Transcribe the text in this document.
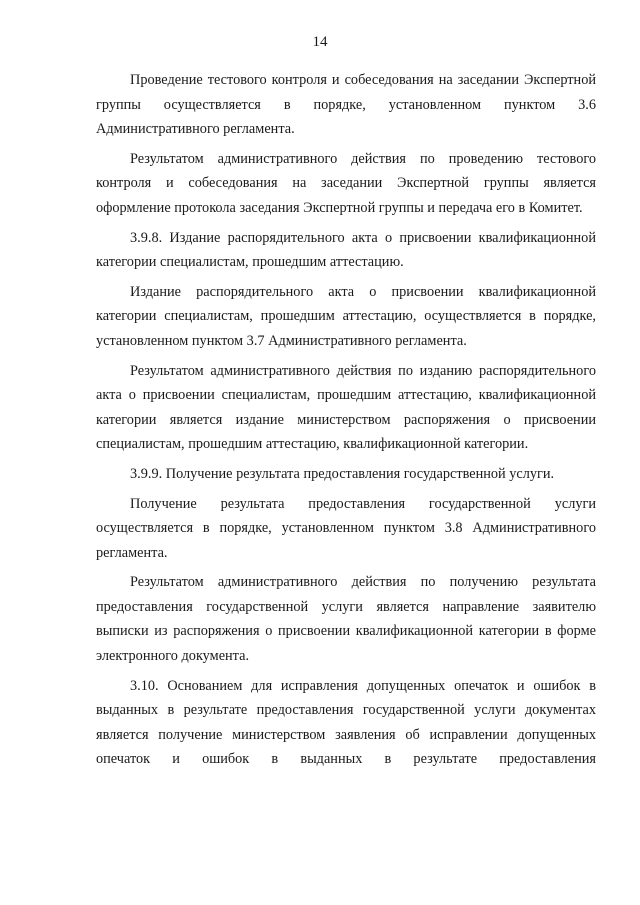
14

Проведение тестового контроля и собеседования на заседании Экспертной группы осуществляется в порядке, установленном пунктом 3.6 Административного регламента.

Результатом административного действия по проведению тестового контроля и собеседования на заседании Экспертной группы является оформление протокола заседания Экспертной группы и передача его в Комитет.

3.9.8. Издание распорядительного акта о присвоении квалификационной категории специалистам, прошедшим аттестацию.

Издание распорядительного акта о присвоении квалификационной категории специалистам, прошедшим аттестацию, осуществляется в порядке, установленном пунктом 3.7 Административного регламента.

Результатом административного действия по изданию распорядительного акта о присвоении специалистам, прошедшим аттестацию, квалификационной категории является издание министерством распоряжения о присвоении специалистам, прошедшим аттестацию, квалификационной категории.

3.9.9. Получение результата предоставления государственной услуги.

Получение результата предоставления государственной услуги осуществляется в порядке, установленном пунктом 3.8 Административного регламента.

Результатом административного действия по получению результата предоставления государственной услуги является направление заявителю выписки из распоряжения о присвоении квалификационной категории в форме электронного документа.

3.10. Основанием для исправления допущенных опечаток и ошибок в выданных в результате предоставления государственной услуги документах является получение министерством заявления об исправлении допущенных опечаток и ошибок в выданных в результате предоставления
